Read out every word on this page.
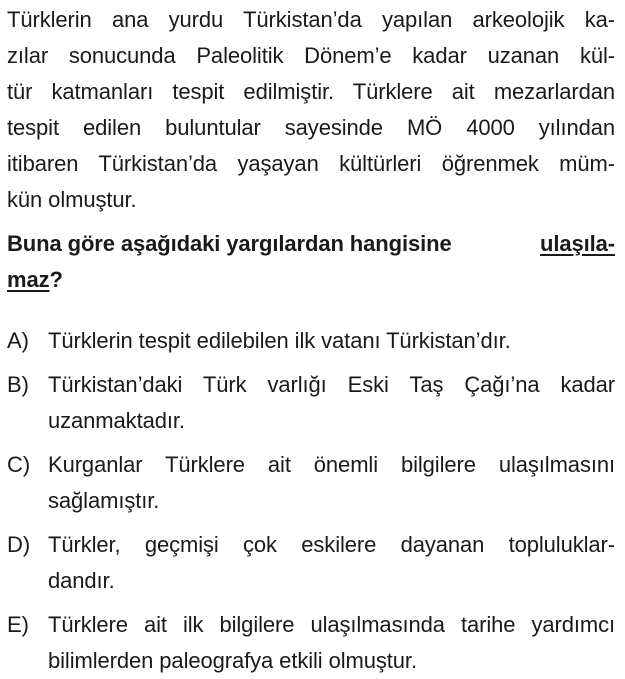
Türklerin ana yurdu Türkistan’da yapılan arkeolojik ka-
zılar sonucunda Paleolitik Dönem’e kadar uzanan kül-
tür katmanları tespit edilmiştir. Türklere ait mezarlardan
tespit edilen buluntular sayesinde MÖ 4000 yılından
itibaren Türkistan’da yaşayan kültürleri öğrenmek müm-
kün olmuştur.
Buna göre aşağıdaki yargılardan hangisine	ulaşıla-
maz?
A) Türklerin tespit edilebilen ilk vatanı Türkistan’dır.
B) Türkistan’daki Türk varlığı Eski Taş Çağı’na kadar
uzanmaktadır.
C) Kurganlar Türklere ait önemli bilgilere ulaşılmasını
sağlamıştır.
D) Türkler, geçmişi çok eskilere dayanan topluluklar-
dandır.
E) Türklere ait ilk bilgilere ulaşılmasında tarihe yardımcı
bilimlerden paleografya etkili olmuştur.
